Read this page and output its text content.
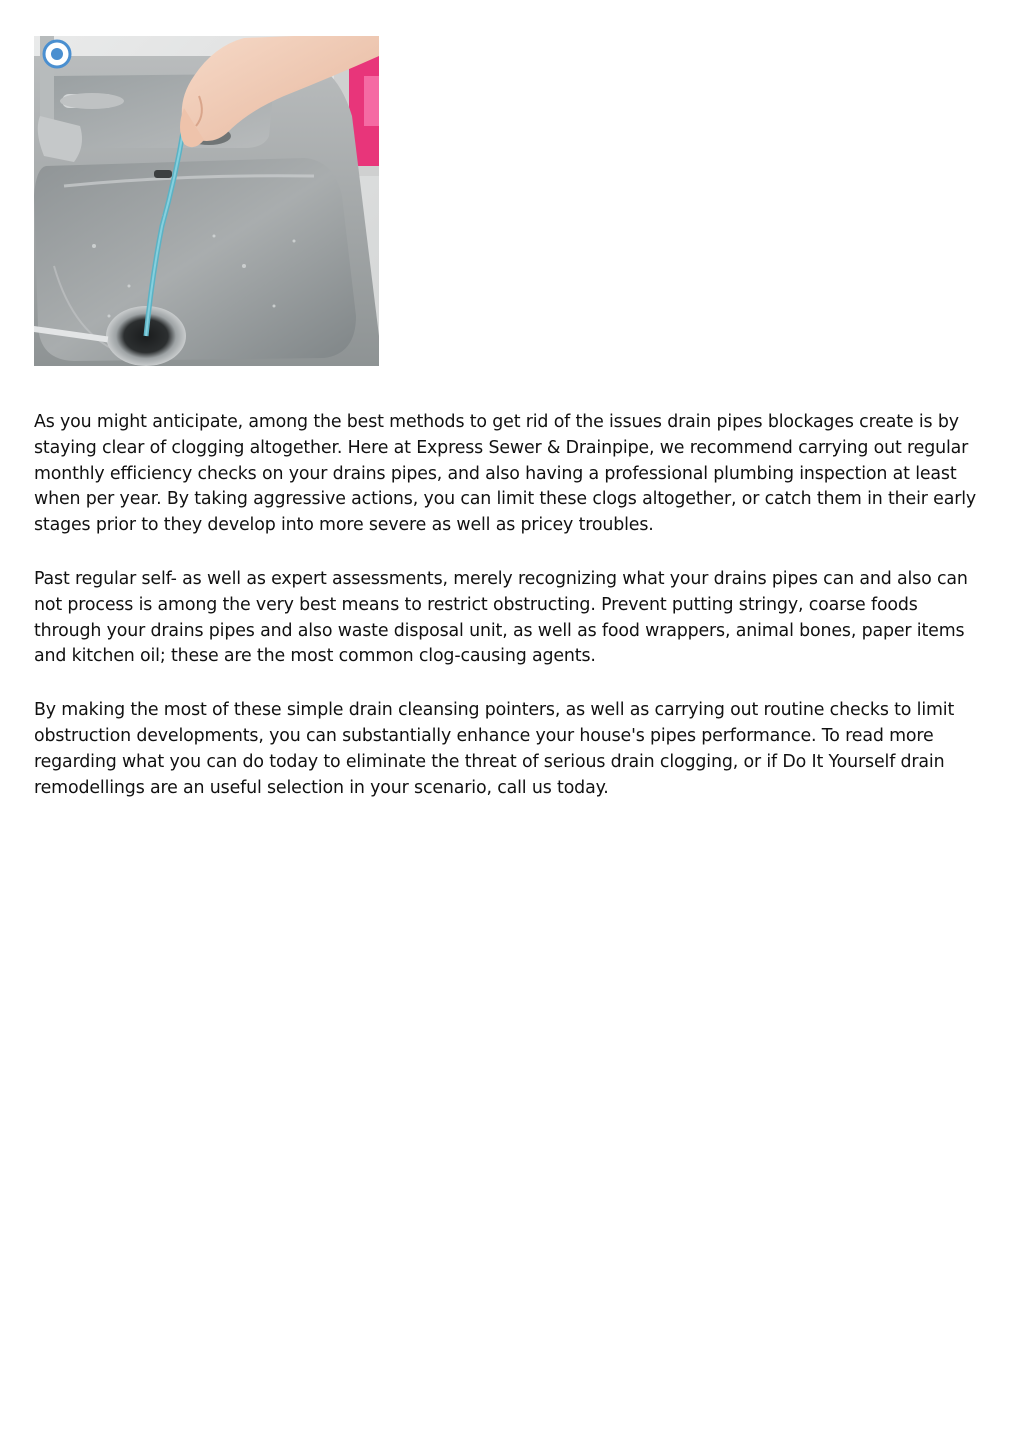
As you might anticipate, among the best methods to get rid of the issues drain pipes blockages create is by staying clear of clogging altogether. Here at Express Sewer & Drainpipe, we recommend carrying out regular monthly efficiency checks on your drains pipes, and also having a professional plumbing inspection at least when per year. By taking aggressive actions, you can limit these clogs altogether, or catch them in their early stages prior to they develop into more severe as well as pricey troubles.

Past regular self- as well as expert assessments, merely recognizing what your drains pipes can and also can not process is among the very best means to restrict obstructing. Prevent putting stringy, coarse foods through your drains pipes and also waste disposal unit, as well as food wrappers, animal bones, paper items and kitchen oil; these are the most common clog-causing agents.

By making the most of these simple drain cleansing pointers, as well as carrying out routine checks to limit obstruction developments, you can substantially enhance your house's pipes performance. To read more regarding what you can do today to eliminate the threat of serious drain clogging, or if Do It Yourself drain remodellings are an useful selection in your scenario, call us today.
